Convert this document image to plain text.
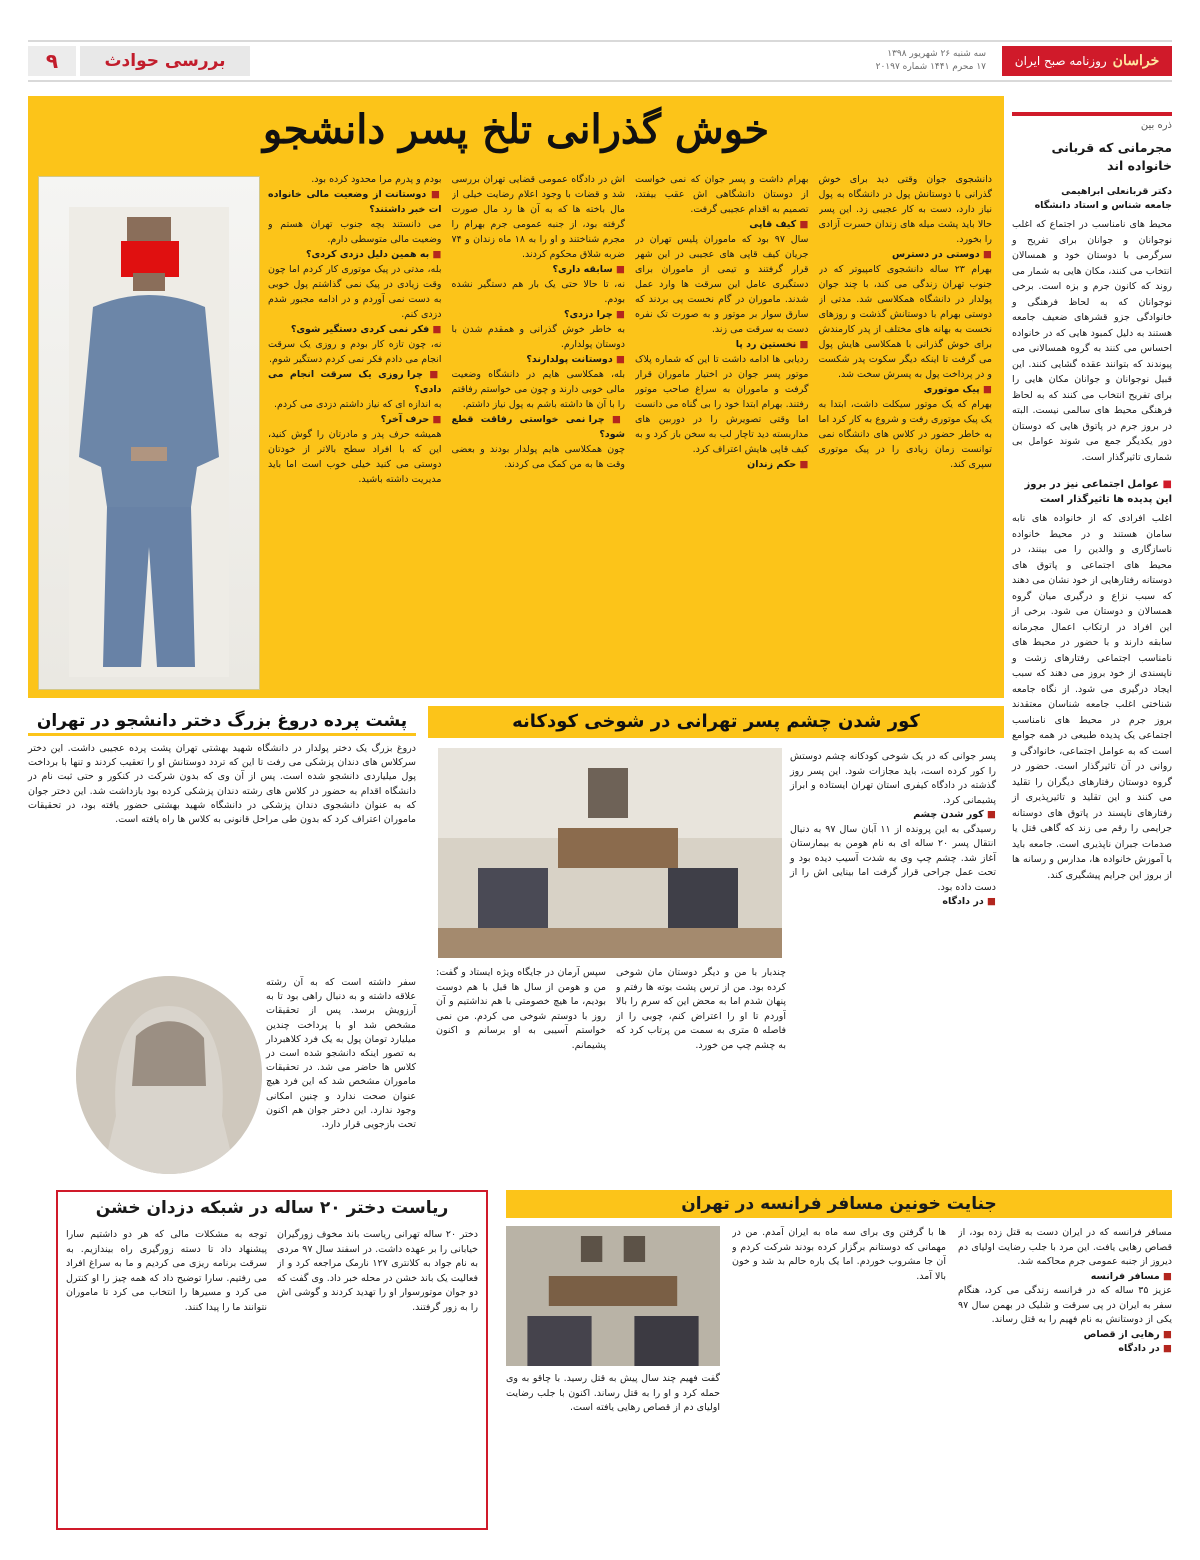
خراسان
روزنامه صبح ایران
سه شنبه ۲۶ شهریور ۱۳۹۸
۱۷ محرم ۱۴۴۱ شماره ۲۰۱۹۷
بررسی حوادث
۹
ذره بین
مجرمانی که قربانی خانواده اند
دکتر قربانعلی ابراهیمی
جامعه شناس و استاد دانشگاه

محیط های نامناسب در اجتماع که اغلب نوجوانان و جوانان برای تفریح و سرگرمی با دوستان خود و همسالان انتخاب می کنند، مکان هایی به شمار می روند که کانون جرم و بزه است. برخی نوجوانان که به لحاظ فرهنگی و خانوادگی جزو قشرهای ضعیف جامعه هستند به دلیل کمبود هایی که در خانواده احساس می کنند به گروه همسالانی می پیوندند که بتوانند عقده گشایی کنند. این قبیل نوجوانان و جوانان مکان هایی را برای تفریح انتخاب می کنند که به لحاظ فرهنگی محیط های سالمی نیست. البته در بروز جرم در پاتوق هایی که دوستان دور یکدیگر جمع می شوند عوامل بی شماری تاثیرگذار است.

■ عوامل اجتماعی نیز در بروز این پدیده ها تاثیرگذار است

اغلب افرادی که از خانواده های نابه سامان هستند و در محیط خانواده ناسازگاری و والدین را می بینند، در محیط های اجتماعی و پاتوق های دوستانه رفتارهایی از خود نشان می دهند که سبب نزاع و درگیری میان گروه همسالان و دوستان می شود. برخی از این افراد در ارتکاب اعمال مجرمانه سابقه دارند و با حضور در محیط های نامناسب اجتماعی رفتارهای زشت و ناپسندی از خود بروز می دهند که سبب ایجاد درگیری می شود. از نگاه جامعه شناختی اغلب جامعه شناسان معتقدند بروز جرم در محیط های نامناسب اجتماعی یک پدیده طبیعی در همه جوامع است که به عوامل اجتماعی، خانوادگی و روانی در آن تاثیرگذار است. حضور در گروه دوستان رفتارهای دیگران را تقلید می کنند و این تقلید و تاثیرپذیری از رفتارهای ناپسند در پاتوق های دوستانه جرایمی را رقم می زند که گاهی قتل یا صدمات جبران ناپذیری است. جامعه باید با آموزش خانواده ها، مدارس و رسانه ها از بروز این جرایم پیشگیری کند.

خوش گذرانی تلخ پسر دانشجو
دانشجوی جوان وقتی دید برای خوش گذرانی با دوستانش پول در دانشگاه به پول نیاز دارد، دست به کار عجیبی زد. این پسر حالا باید پشت میله های زندان حسرت آزادی را بخورد.
■ دوستی در دسترس
بهرام ۲۳ ساله دانشجوی کامپیوتر که در جنوب تهران زندگی می کند، با چند جوان پولدار در دانشگاه همکلاسی شد. مدتی از دوستی بهرام با دوستانش گذشت و روزهای نخست به بهانه های مختلف از پدر کارمندش برای خوش گذرانی با همکلاسی هایش پول می گرفت تا اینکه دیگر سکوت پدر شکست و در پرداخت پول به پسرش سخت شد.
■ پیک موتوری
بهرام که یک موتور سیکلت داشت، ابتدا به یک پیک موتوری رفت و شروع به کار کرد اما به خاطر حضور در کلاس های دانشگاه نمی توانست زمان زیادی را در پیک موتوری سپری کند.
بهرام داشت و پسر جوان که نمی خواست از دوستان دانشگاهی اش عقب بیفتد، تصمیم به اقدام عجیبی گرفت.
■ کیف قاپی
سال ۹۷ بود که ماموران پلیس تهران در جریان کیف قاپی های عجیبی در این شهر قرار گرفتند و تیمی از ماموران برای دستگیری عامل این سرقت ها وارد عمل شدند. ماموران در گام نخست پی بردند که سارق سوار بر موتور و به صورت تک نفره دست به سرقت می زند.
■ نخستین رد پا
ردیابی ها ادامه داشت تا این که شماره پلاک موتور پسر جوان در اختیار ماموران قرار گرفت و ماموران به سراغ صاحب موتور رفتند. بهرام ابتدا خود را بی گناه می دانست اما وقتی تصویرش را در دوربین های مداربسته دید تاچار لب به سخن باز کرد و به کیف قاپی هایش اعتراف کرد.
■ حکم زندان
اش در دادگاه عمومی قضایی تهران بررسی شد و قضات با وجود اعلام رضایت خیلی از مال باخته ها که به آن ها رد مال صورت گرفته بود، از جنبه عمومی جرم بهرام را مجرم شناختند و او را به ۱۸ ماه زندان و ۷۴ ضربه شلاق محکوم کردند.
■ سابقه داری؟
نه، تا حالا حتی یک بار هم دستگیر نشده بودم.
■ چرا دزدی؟
به خاطر خوش گذرانی و همقدم شدن با دوستان پولدارم.
■ دوستانت پولدارند؟
بله، همکلاسی هایم در دانشگاه وضعیت مالی خوبی دارند و چون می خواستم رفاقتم را با آن ها داشته باشم به پول نیاز داشتم.
■ چرا نمی خواستی رفاقت قطع شود؟
چون همکلاسی هایم پولدار بودند و بعضی وقت ها به من کمک می کردند.
بودم و پدرم مرا محدود کرده بود.
■ دوستانت از وضعیت مالی خانواده ات خبر داشتند؟
می دانستند بچه جنوب تهران هستم و وضعیت مالی متوسطی دارم.
■ به همین دلیل دزدی کردی؟
بله، مدتی در پیک موتوری کار کردم اما چون وقت زیادی در پیک نمی گذاشتم پول خوبی به دست نمی آوردم و در ادامه مجبور شدم دزدی کنم.
■ فکر نمی کردی دستگیر شوی؟
نه، چون تازه کار بودم و روزی یک سرقت انجام می دادم فکر نمی کردم دستگیر شوم.
■ چرا روزی یک سرقت انجام می دادی؟
به اندازه ای که نیاز داشتم دزدی می کردم.
■ حرف آخر؟
همیشه حرف پدر و مادرتان را گوش کنید، این که با افراد سطح بالاتر از خودتان دوستی می کنید خیلی خوب است اما باید مدیریت داشته باشید.
پشت پرده دروغ بزرگ دختر دانشجو در تهران

دروغ بزرگ یک دختر پولدار در دانشگاه شهید بهشتی تهران پشت پرده عجیبی داشت. این دختر سرکلاس های دندان پزشکی می رفت تا این که تردد دوستانش او را تعقیب کردند و تنها با برداخت پول میلیاردی دانشجو شده است. پس از آن وی که بدون شرکت در کنکور و حتی ثبت نام در دانشگاه اقدام به حضور در کلاس های رشته دندان پزشکی کرده بود بازداشت شد. این دختر جوان که به عنوان دانشجوی دندان پزشکی در دانشگاه شهید بهشتی حضور یافته بود، در تحقیقات ماموران اعتراف کرد که بدون طی مراحل قانونی به کلاس ها راه یافته است.

سفر داشته است که به آن رشته علاقه داشته و به دنبال راهی بود تا به آرزویش برسد. پس از تحقیقات مشخص شد او با پرداخت چندین میلیارد تومان پول به یک فرد کلاهبردار به تصور اینکه دانشجو شده است در کلاس ها حاضر می شد. در تحقیقات ماموران مشخص شد که این فرد هیچ عنوان صحت ندارد و چنین امکانی وجود ندارد. این دختر جوان هم اکنون تحت بازجویی قرار دارد.

کور شدن چشم پسر تهرانی در شوخی کودکانه
پسر جوانی که در یک شوخی کودکانه چشم دوستش را کور کرده است، باید مجازات شود. این پسر روز گذشته در دادگاه کیفری استان تهران ایستاده و ابراز پشیمانی کرد.
■ کور شدن چشم
رسیدگی به این پرونده از ۱۱ آبان سال ۹۷ به دنبال انتقال پسر ۲۰ ساله ای به نام هومن به بیمارستان آغاز شد. چشم چپ وی به شدت آسیب دیده بود و تحت عمل جراحی قرار گرفت اما بینایی اش را از دست داده بود.
■ در دادگاه
چندبار با من و دیگر دوستان مان شوخی کرده بود. من از ترس پشت بوته ها رفتم و پنهان شدم اما به محض این که سرم را بالا آوردم تا او را اعتراض کنم، چوبی را از فاصله ۵ متری به سمت من پرتاب کرد که به چشم چپ من خورد.
سپس آرمان در جایگاه ویژه ایستاد و گفت: من و هومن از سال ها قبل با هم دوست بودیم، ما هیچ خصومتی با هم نداشتیم و آن روز با دوستم شوخی می کردم. من نمی خواستم آسیبی به او برسانم و اکنون پشیمانم.
ریاست دختر ۲۰ ساله در شبکه دزدان خشن
دختر ۲۰ ساله تهرانی ریاست باند مخوف زورگیران خیابانی را بر عهده داشت. در اسفند سال ۹۷ مردی به نام جواد به کلانتری ۱۲۷ نارمک مراجعه کرد و از فعالیت یک باند خشن در محله خبر داد. وی گفت که دو جوان موتورسوار او را تهدید کردند و گوشی اش را به زور گرفتند.
توجه به مشکلات مالی که هر دو داشتیم سارا پیشنهاد داد تا دسته زورگیری راه بیندازیم. به سرقت برنامه ریزی می کردیم و ما به سراغ افراد می رفتیم. سارا توضیح داد که همه چیز را او کنترل می کرد و مسیرها را انتخاب می کرد تا ماموران نتوانند ما را پیدا کنند.
جنایت خونین مسافر فرانسه در تهران
مسافر فرانسه که در ایران دست به قتل زده بود، از قصاص رهایی یافت. این مرد با جلب رضایت اولیای دم دیروز از جنبه عمومی جرم محاکمه شد.
■ مسافر فرانسه
عزیز ۳۵ ساله که در فرانسه زندگی می کرد، هنگام سفر به ایران در پی سرقت و شلیک در بهمن سال ۹۷ یکی از دوستانش به نام فهیم را به قتل رساند.
■ رهایی از قصاص
■ در دادگاه
ها با گرفتن وی برای سه ماه به ایران آمدم. من در مهمانی که دوستانم برگزار کرده بودند شرکت کردم و آن جا مشروب خوردم. اما یک باره حالم بد شد و خون بالا آمد.
گفت فهیم چند سال پیش به قتل رسید. با چاقو به وی حمله کرد و او را به قتل رساند. اکنون با جلب رضایت اولیای دم از قصاص رهایی یافته است.
